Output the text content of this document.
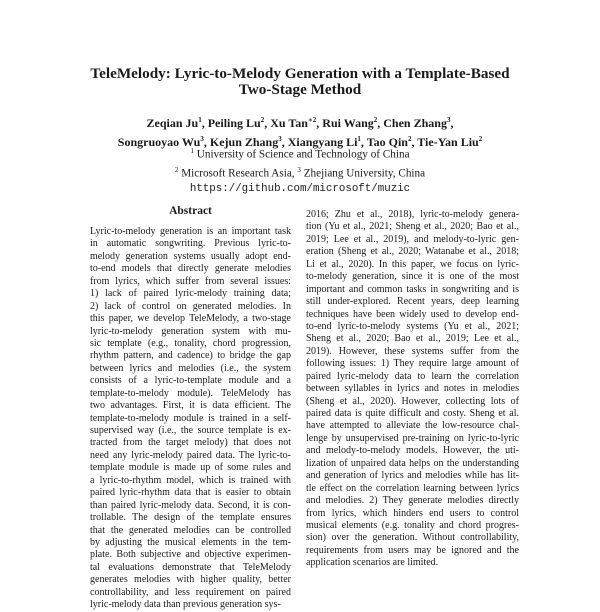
TeleMelody: Lyric-to-Melody Generation with a Template-Based
Two-Stage Method
Zeqian Ju$^1$, Peiling Lu$^2$, Xu Tan$^{∗2}$, Rui Wang$^2$, Chen Zhang$^3$,
Songruoyao Wu$^3$, Kejun Zhang$^3$, Xiangyang Li$^1$, Tao Qin$^2$, Tie-Yan Liu$^2$
$^1$ University of Science and Technology of China
$^2$ Microsoft Research Asia, $^3$ Zhejiang University, China
https://github.com/microsoft/muzic
Abstract
Lyric-to-melody generation is an important task
in automatic songwriting. Previous lyric-to-
melody generation systems usually adopt end-
to-end models that directly generate melodies
from lyrics, which suffer from several issues:
1) lack of paired lyric-melody training data;
2) lack of control on generated melodies. In
this paper, we develop TeleMelody, a two-stage
lyric-to-melody generation system with mu-
sic template (e.g., tonality, chord progression,
rhythm pattern, and cadence) to bridge the gap
between lyrics and melodies (i.e., the system
consists of a lyric-to-template module and a
template-to-melody module). TeleMelody has
two advantages. First, it is data efficient. The
template-to-melody module is trained in a self-
supervised way (i.e., the source template is ex-
tracted from the target melody) that does not
need any lyric-melody paired data. The lyric-to-
template module is made up of some rules and
a lyric-to-rhythm model, which is trained with
paired lyric-rhythm data that is easier to obtain
than paired lyric-melody data. Second, it is con-
trollable. The design of the template ensures
that the generated melodies can be controlled
by adjusting the musical elements in the tem-
plate. Both subjective and objective experimen-
tal evaluations demonstrate that TeleMelody
generates melodies with higher quality, better
controllability, and less requirement on paired
lyric-melody data than previous generation sys-
2016; Zhu et al., 2018), lyric-to-melody genera-
tion (Yu et al., 2021; Sheng et al., 2020; Bao et al.,
2019; Lee et al., 2019), and melody-to-lyric gen-
eration (Sheng et al., 2020; Watanabe et al., 2018;
Li et al., 2020). In this paper, we focus on lyric-
to-melody generation, since it is one of the most
important and common tasks in songwriting and is
still under-explored. Recent years, deep learning
techniques have been widely used to develop end-
to-end lyric-to-melody systems (Yu et al., 2021;
Sheng et al., 2020; Bao et al., 2019; Lee et al.,
2019). However, these systems suffer from the
following issues: 1) They require large amount of
paired lyric-melody data to learn the correlation
between syllables in lyrics and notes in melodies
(Sheng et al., 2020). However, collecting lots of
paired data is quite difficult and costy. Sheng et al.
have attempted to alleviate the low-resource chal-
lenge by unsupervised pre-training on lyric-to-lyric
and melody-to-melody models. However, the uti-
lization of unpaired data helps on the understanding
and generation of lyrics and melodies while has lit-
tle effect on the correlation learning between lyrics
and melodies. 2) They generate melodies directly
from lyrics, which hinders end users to control
musical elements (e.g. tonality and chord progres-
sion) over the generation. Without controllability,
requirements from users may be ignored and the
application scenarios are limited.
